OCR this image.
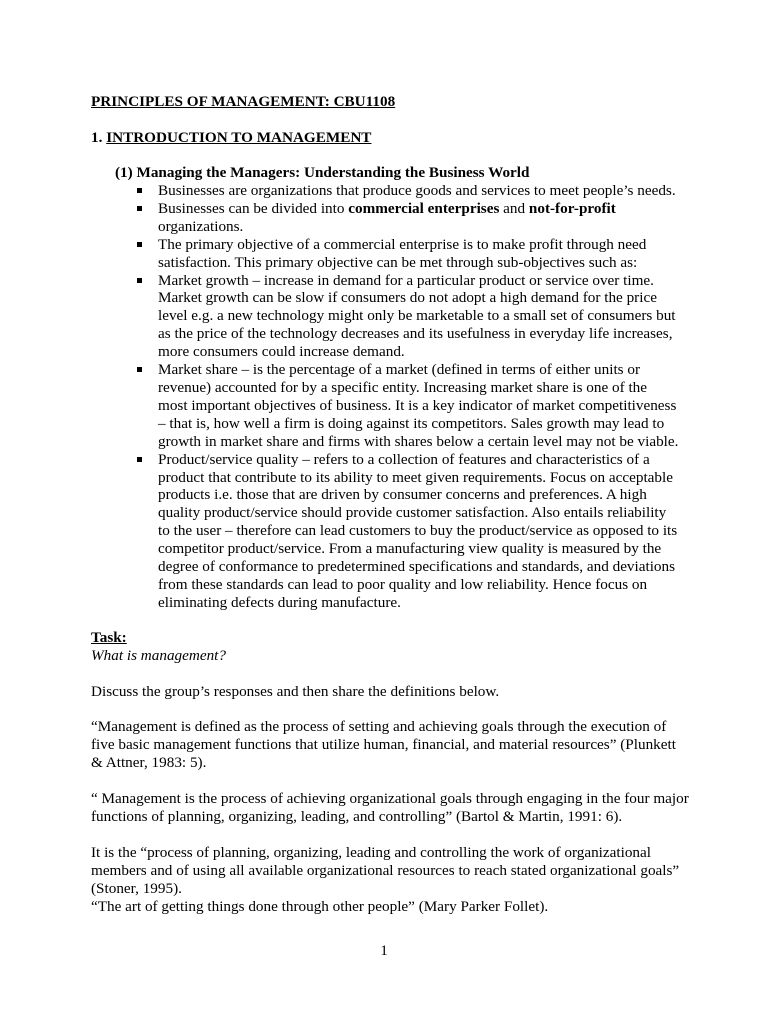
PRINCIPLES OF MANAGEMENT: CBU1108
1. INTRODUCTION TO MANAGEMENT
(1) Managing the Managers: Understanding the Business World
Businesses are organizations that produce goods and services to meet people’s needs.
Businesses can be divided into commercial enterprises and not-for-profit organizations.
The primary objective of a commercial enterprise is to make profit through need satisfaction. This primary objective can be met through sub-objectives such as:
Market growth – increase in demand for a particular product or service over time. Market growth can be slow if consumers do not adopt a high demand for the price level e.g. a new technology might only be marketable to a small set of consumers but as the price of the technology decreases and its usefulness in everyday life increases, more consumers could increase demand.
Market share – is the percentage of a market (defined in terms of either units or revenue) accounted for by a specific entity. Increasing market share is one of the most important objectives of business. It is a key indicator of market competitiveness – that is, how well a firm is doing against its competitors. Sales growth may lead to growth in market share and firms with shares below a certain level may not be viable.
Product/service quality – refers to a collection of features and characteristics of a product that contribute to its ability to meet given requirements. Focus on acceptable products i.e. those that are driven by consumer concerns and preferences. A high quality product/service should provide customer satisfaction. Also entails reliability to the user – therefore can lead customers to buy the product/service as opposed to its competitor product/service. From a manufacturing view quality is measured by the degree of conformance to predetermined specifications and standards, and deviations from these standards can lead to poor quality and low reliability. Hence focus on eliminating defects during manufacture.
Task:
What is management?
Discuss the group’s responses and then share the definitions below.
“Management is defined as the process of setting and achieving goals through the execution of five basic management functions that utilize human, financial, and material resources” (Plunkett & Attner, 1983: 5).
“ Management is the process of achieving organizational goals through engaging in the four major functions of planning, organizing, leading, and controlling” (Bartol & Martin, 1991: 6).
It is the “process of planning, organizing, leading and controlling the work of organizational members and of using all available organizational resources to reach stated organizational goals” (Stoner, 1995).
“The art of getting things done through other people” (Mary Parker Follet).
1
